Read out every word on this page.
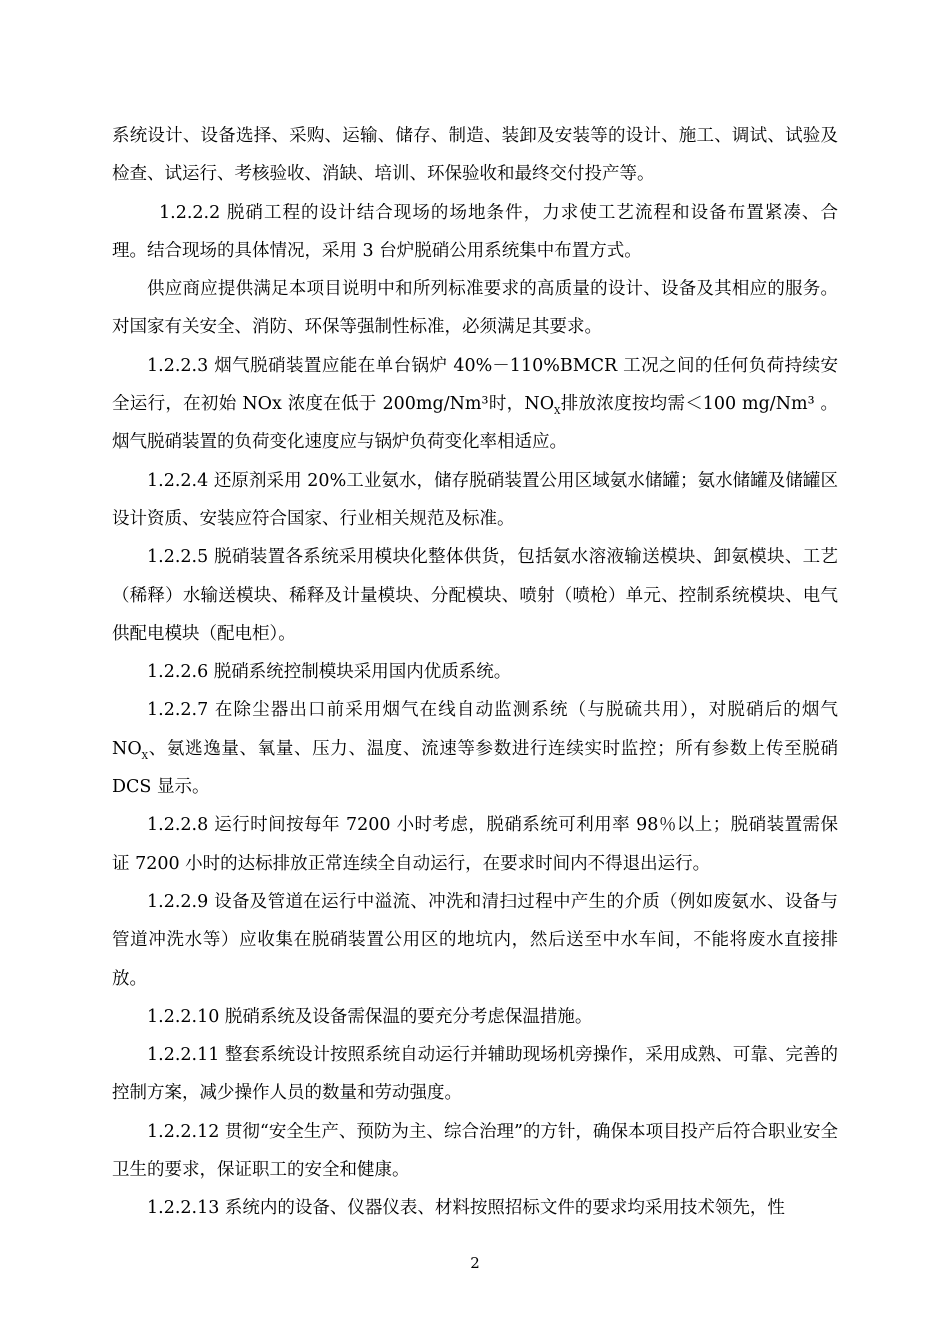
系统设计、设备选择、采购、运输、储存、制造、装卸及安装等的设计、施工、调试、试验及检查、试运行、考核验收、消缺、培训、环保验收和最终交付投产等。

1.2.2.2 脱硝工程的设计结合现场的场地条件，力求使工艺流程和设备布置紧凑、合理。结合现场的具体情况，采用 3 台炉脱硝公用系统集中布置方式。

供应商应提供满足本项目说明中和所列标准要求的高质量的设计、设备及其相应的服务。对国家有关安全、消防、环保等强制性标准，必须满足其要求。

1.2.2.3 烟气脱硝装置应能在单台锅炉 40%－110%BMCR 工况之间的任何负荷持续安全运行，在初始 NOx 浓度在低于 200mg/Nm³时，$NO_X$排放浓度按均需＜100 mg/Nm³ 。烟气脱硝装置的负荷变化速度应与锅炉负荷变化率相适应。

1.2.2.4 还原剂采用 20%工业氨水，储存脱硝装置公用区域氨水储罐；氨水储罐及储罐区设计资质、安装应符合国家、行业相关规范及标准。

1.2.2.5 脱硝装置各系统采用模块化整体供货，包括氨水溶液输送模块、卸氨模块、工艺（稀释）水输送模块、稀释及计量模块、分配模块、喷射（喷枪）单元、控制系统模块、电气供配电模块（配电柜）。

1.2.2.6 脱硝系统控制模块采用国内优质系统。

1.2.2.7 在除尘器出口前采用烟气在线自动监测系统（与脱硫共用），对脱硝后的烟气 $NO_X$、氨逃逸量、氧量、压力、温度、流速等参数进行连续实时监控；所有参数上传至脱硝 DCS 显示。

1.2.2.8 运行时间按每年 7200 小时考虑，脱硝系统可利用率 98％以上；脱硝装置需保证 7200 小时的达标排放正常连续全自动运行，在要求时间内不得退出运行。

1.2.2.9 设备及管道在运行中溢流、冲洗和清扫过程中产生的介质（例如废氨水、设备与管道冲洗水等）应收集在脱硝装置公用区的地坑内，然后送至中水车间，不能将废水直接排放。

1.2.2.10 脱硝系统及设备需保温的要充分考虑保温措施。

1.2.2.11 整套系统设计按照系统自动运行并辅助现场机旁操作，采用成熟、可靠、完善的控制方案，减少操作人员的数量和劳动强度。

1.2.2.12 贯彻“安全生产、预防为主、综合治理”的方针，确保本项目投产后符合职业安全卫生的要求，保证职工的安全和健康。

1.2.2.13 系统内的设备、仪器仪表、材料按照招标文件的要求均采用技术领先，性

2
